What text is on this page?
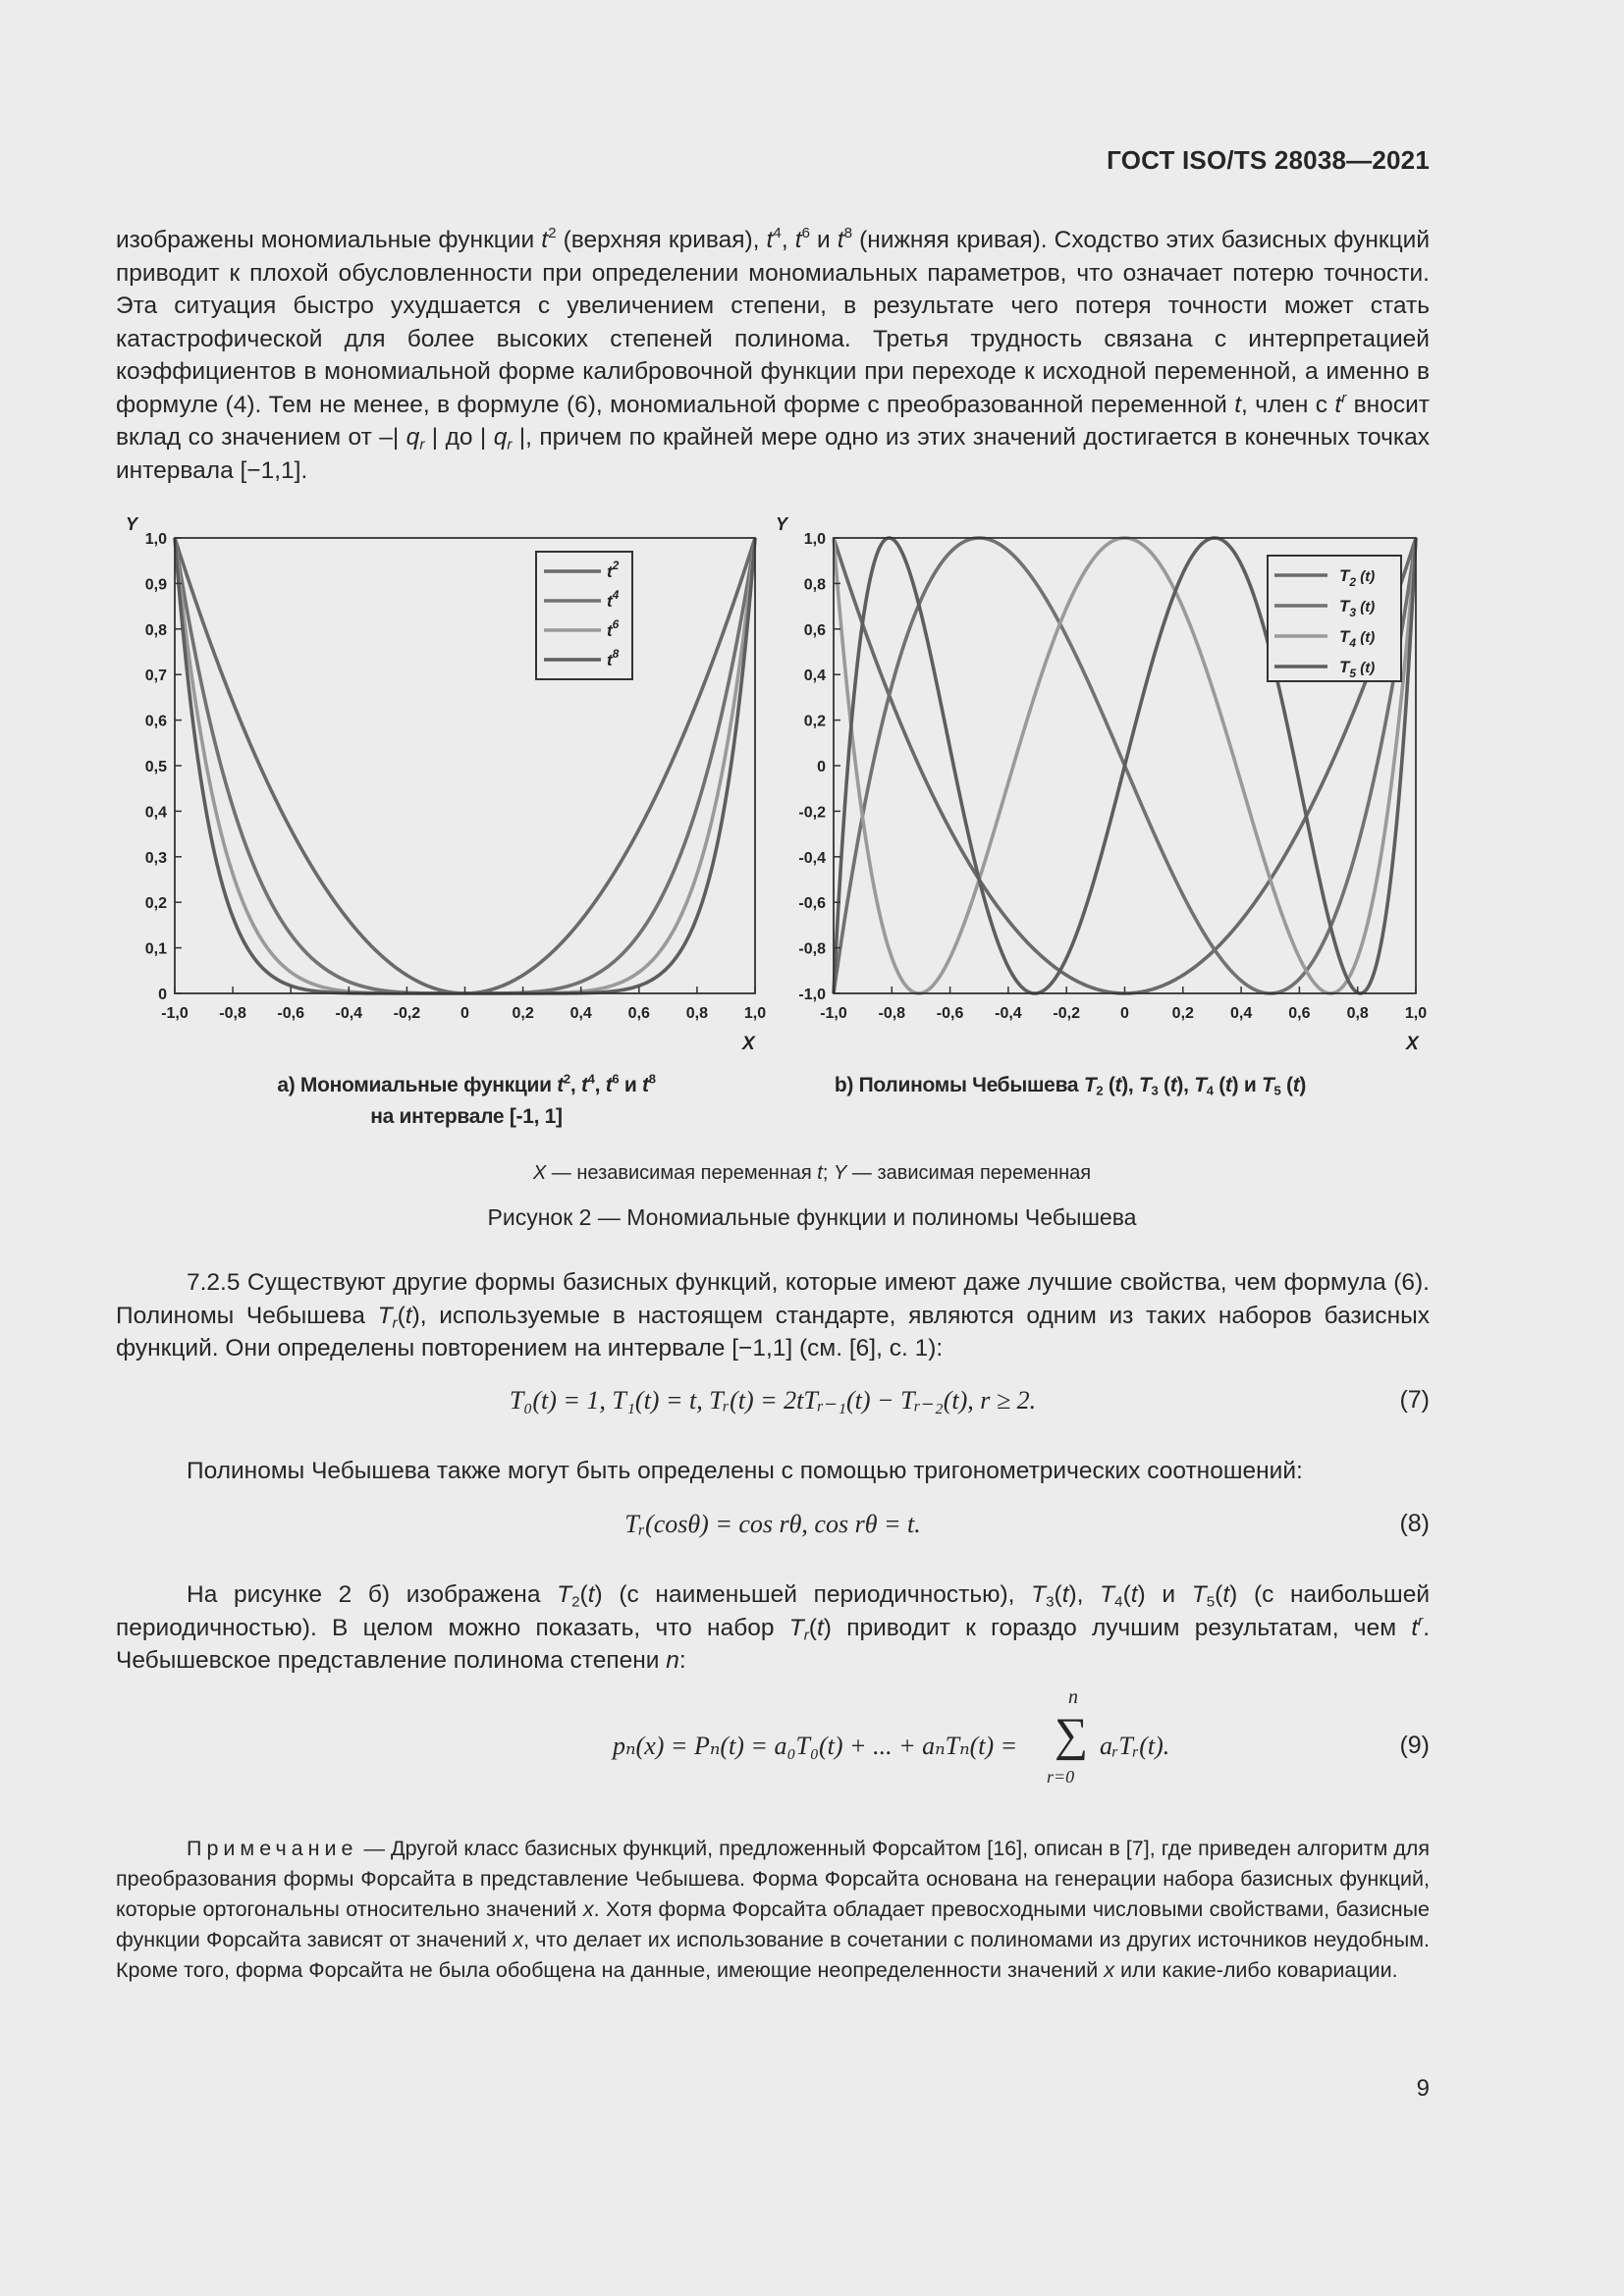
ГОСТ ISO/TS 28038—2021

изображены мономиальные функции $t^2$ (верхняя кривая), $t^4$, $t^6$ и $t^8$ (нижняя кривая). Сходство этих базисных функций приводит к плохой обусловленности при определении мономиальных параметров, что означает потерю точности. Эта ситуация быстро ухудшается с увеличением степени, в результате чего потеря точности может стать катастрофической для более высоких степеней полинома. Третья трудность связана с интерпретацией коэффициентов в мономиальной форме калибровочной функции при переходе к исходной переменной, а именно в формуле (4). Тем не менее, в формуле (6), мономиальной форме с преобразованной переменной t, член с $t^r$ вносит вклад со значением от –| $q_r$ | до | $q_r$ |, причем по крайней мере одно из этих значений достигается в конечных точках интервала [−1,1].

-1,0 -0,8 -0,6 -0,4 -0,2	0	0,2 0,4 0,6 0,8 1,0
0
0,1
0,2
0,3
0,4
0,5
0,6
0,7
0,8
0,9
1,0
Y
X
$t^2$
$t^4$
$t^6$
$t^8$
-1,0 -0,8 -0,6 -0,4 -0,2	0	0,2 0,4 0,6 0,8 1,0
-1,0
-0,8
-0,6
-0,4
-0,2
0
0,2
0,4
0,6
0,8
1,0
Y
X
$T_2$ (t)
$T_3$ (t)
$T_4$ (t)
$T_5$ (t)
а) Мономиальные функции $t^2$, $t^4$, $t^6$ и $t^8$
на интервале [-1, 1]
b) Полиномы Чебышева $T_2$ (t), $T_3$ (t), $T_4$ (t) и $T_5$ (t)
X — независимая переменная t; Y — зависимая переменная
Рисунок 2 — Мономиальные функции и полиномы Чебышева

7.2.5 Существуют другие формы базисных функций, которые имеют даже лучшие свойства, чем формула (6). Полиномы Чебышева $T_r(t)$, используемые в настоящем стандарте, являются одним из таких наборов базисных функций. Они определены повторением на интервале [−1,1] (см. [6], с. 1):

T₀(t) = 1, T₁(t) = t, Tᵣ(t) = 2tTᵣ₋₁(t) − Tᵣ₋₂(t), r ≥ 2.	(7)

Полиномы Чебышева также могут быть определены с помощью тригонометрических соотношений:

Tᵣ(cosθ) = cos rθ, cos rθ = t.	(8)

На рисунке 2 б) изображена $T_2(t)$ (с наименьшей периодичностью), $T_3(t)$, $T_4(t)$ и $T_5(t)$ (с наибольшей периодичностью). В целом можно показать, что набор $T_r(t)$ приводит к гораздо лучшим результатам, чем $t^r$. Чебышевское представление полинома степени n:

pₙ(x) = Pₙ(t) = a₀T₀(t) + ... + aₙTₙ(t) =
n
∑
r=0
aᵣTᵣ(t).	(9)

Примечание — Другой класс базисных функций, предложенный Форсайтом [16], описан в [7], где приведен алгоритм для преобразования формы Форсайта в представление Чебышева. Форма Форсайта основана на генерации набора базисных функций, которые ортогональны относительно значений x. Хотя форма Форсайта обладает превосходными числовыми свойствами, базисные функции Форсайта зависят от значений x, что делает их использование в сочетании с полиномами из других источников неудобным. Кроме того, форма Форсайта не была обобщена на данные, имеющие неопределенности значений x или какие-либо ковариации.

9
